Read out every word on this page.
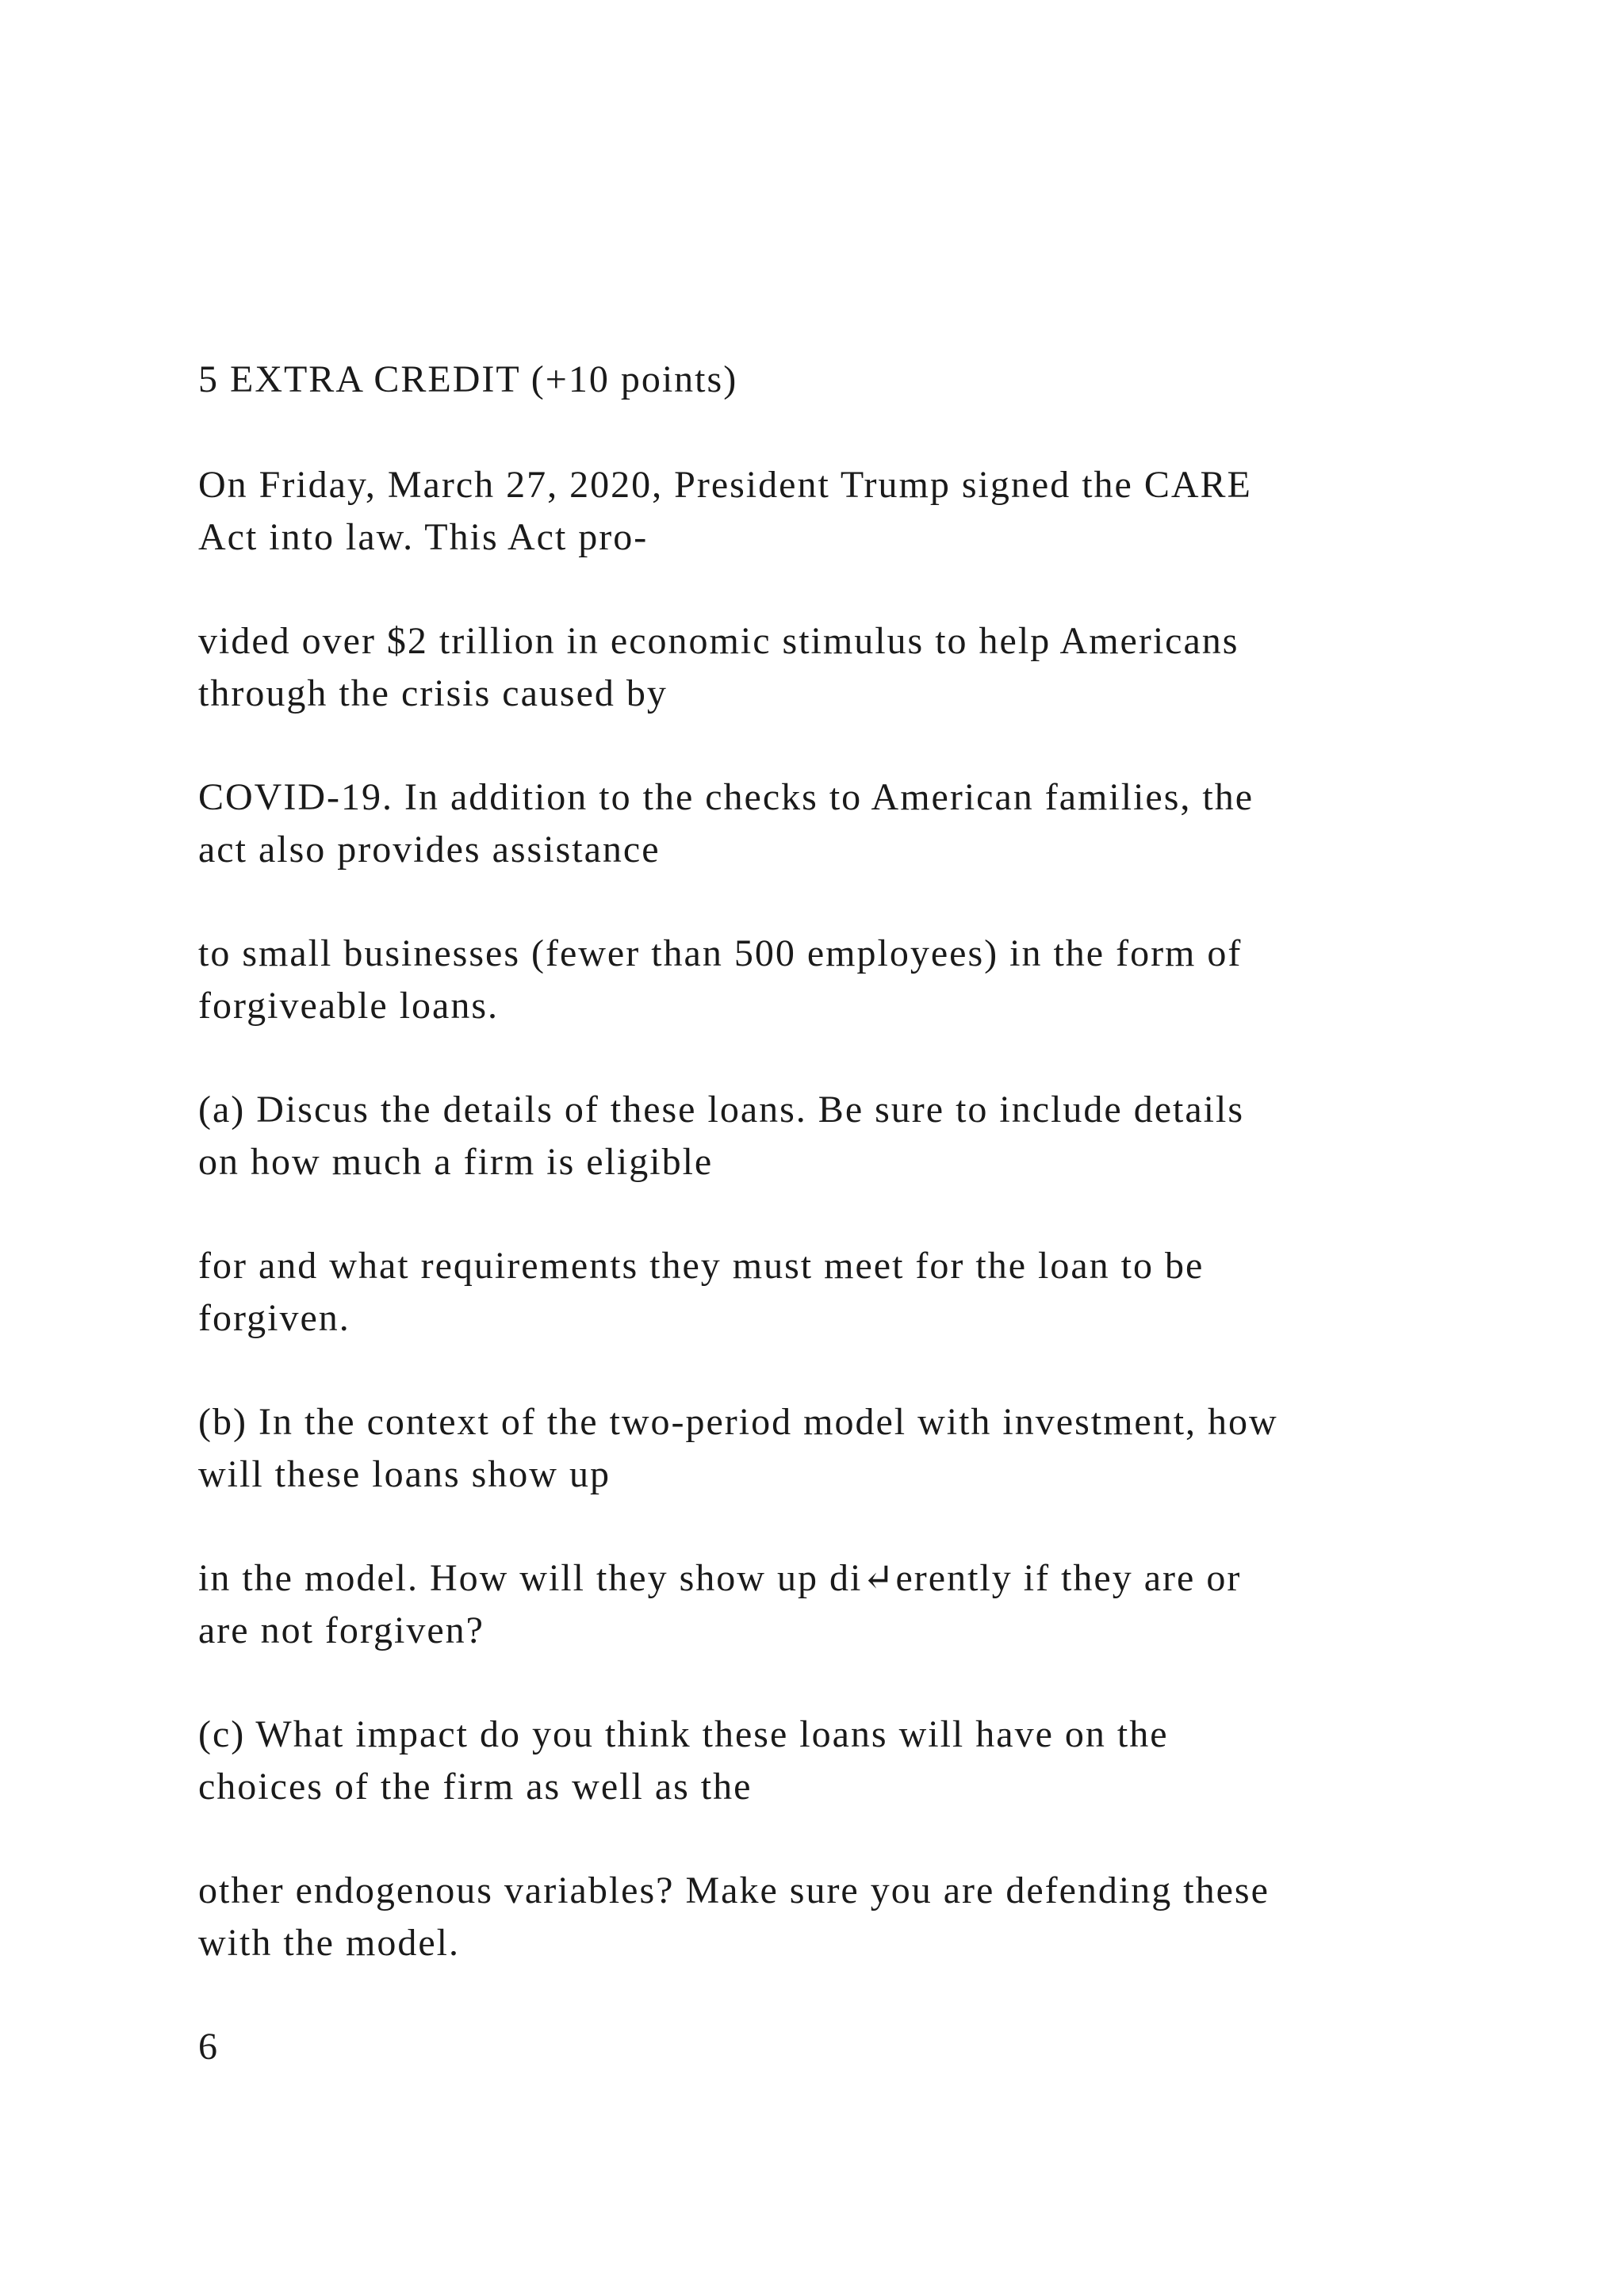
5 EXTRA CREDIT (+10 points)

On Friday, March 27, 2020, President Trump signed the CARE

Act into law. This Act pro-

vided over $2 trillion in economic stimulus to help Americans

through the crisis caused by

COVID-19. In addition to the checks to American families, the

act also provides assistance

to small businesses (fewer than 500 employees) in the form of

forgiveable loans.

(a) Discus the details of these loans. Be sure to include details

on how much a firm is eligible

for and what requirements they must meet for the loan to be

forgiven.

(b) In the context of the two-period model with investment, how

will these loans show up

in the model. How will they show up di↵erently if they are or

are not forgiven?

(c) What impact do you think these loans will have on the

choices of the firm as well as the

other endogenous variables? Make sure you are defending these

with the model.

6
